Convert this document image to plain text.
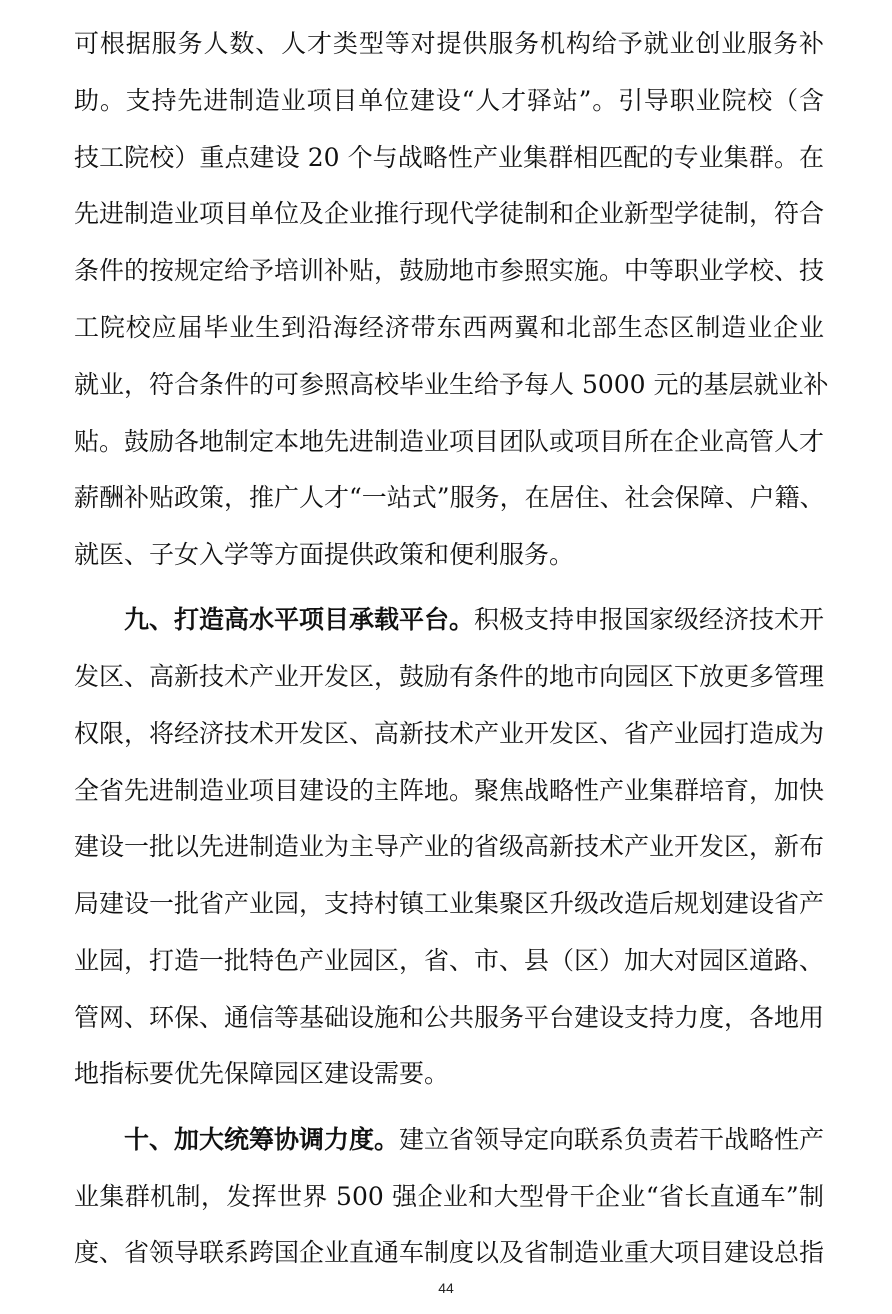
可根据服务人数、人才类型等对提供服务机构给予就业创业服务补
助。支持先进制造业项目单位建设“人才驿站”。引导职业院校（含
技工院校）重点建设 20 个与战略性产业集群相匹配的专业集群。在
先进制造业项目单位及企业推行现代学徒制和企业新型学徒制，符合
条件的按规定给予培训补贴，鼓励地市参照实施。中等职业学校、技
工院校应届毕业生到沿海经济带东西两翼和北部生态区制造业企业
就业，符合条件的可参照高校毕业生给予每人 5000 元的基层就业补
贴。鼓励各地制定本地先进制造业项目团队或项目所在企业高管人才
薪酬补贴政策，推广人才“一站式”服务，在居住、社会保障、户籍、
就医、子女入学等方面提供政策和便利服务。
九、打造高水平项目承载平台。积极支持申报国家级经济技术开
发区、高新技术产业开发区，鼓励有条件的地市向园区下放更多管理
权限，将经济技术开发区、高新技术产业开发区、省产业园打造成为
全省先进制造业项目建设的主阵地。聚焦战略性产业集群培育，加快
建设一批以先进制造业为主导产业的省级高新技术产业开发区，新布
局建设一批省产业园，支持村镇工业集聚区升级改造后规划建设省产
业园，打造一批特色产业园区，省、市、县（区）加大对园区道路、
管网、环保、通信等基础设施和公共服务平台建设支持力度，各地用
地指标要优先保障园区建设需要。
十、加大统筹协调力度。建立省领导定向联系负责若干战略性产
业集群机制，发挥世界 500 强企业和大型骨干企业“省长直通车”制
度、省领导联系跨国企业直通车制度以及省制造业重大项目建设总指
44
